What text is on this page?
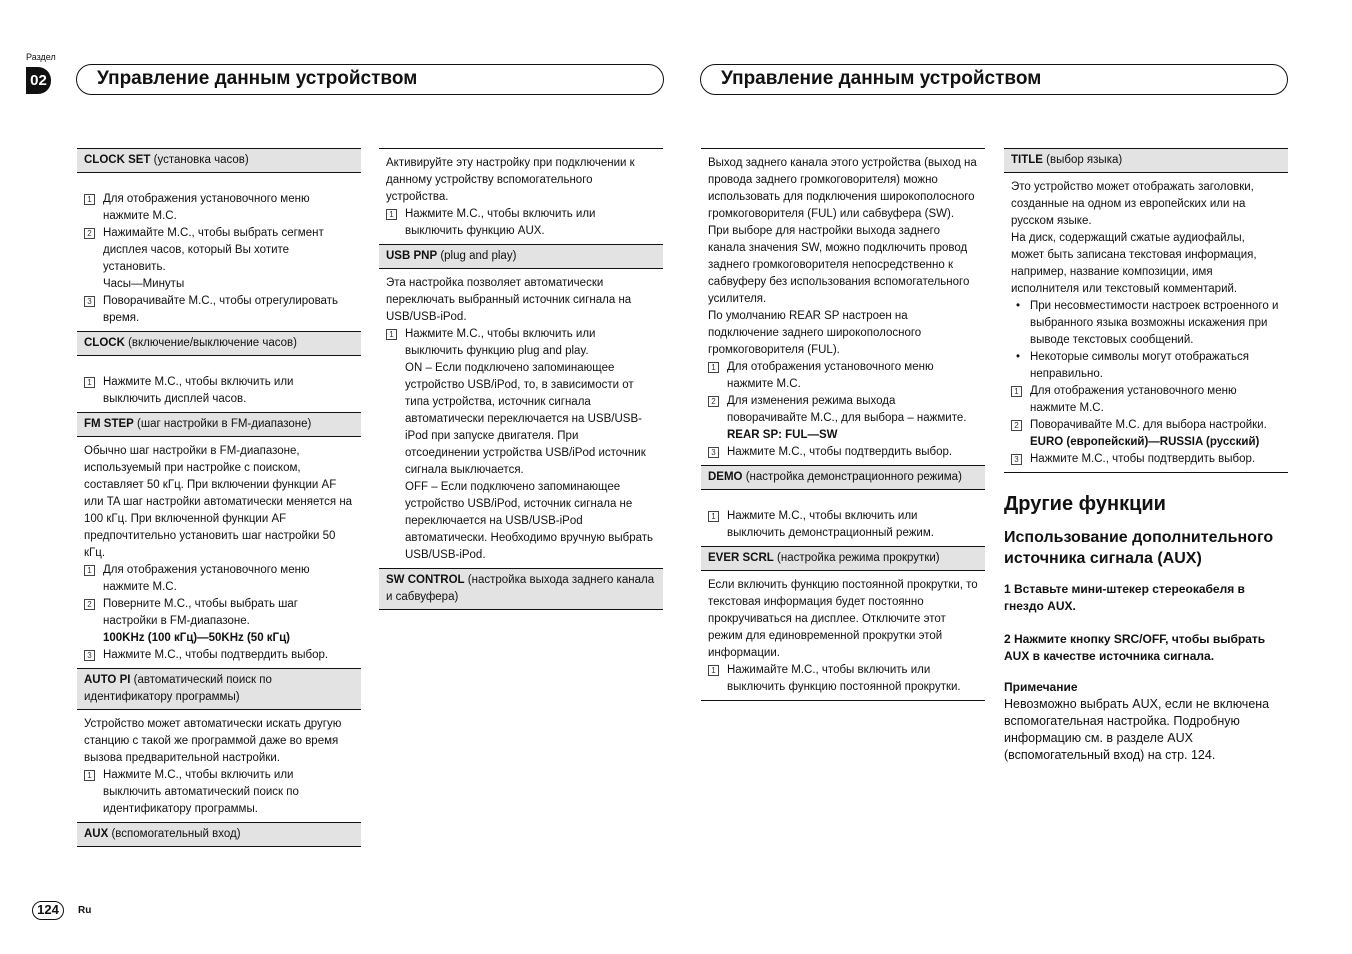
Раздел
02	Управление данным устройством	Управление данным устройством
CLOCK SET (установка часов)
1 Для отображения установочного меню нажмите M.C.
2 Нажимайте M.C., чтобы выбрать сегмент дисплея часов, который Вы хотите установить.
Часы—Минуты
3 Поворачивайте M.C., чтобы отрегулировать время.
CLOCK (включение/выключение часов)
1 Нажмите M.C., чтобы включить или выключить дисплей часов.
FM STEP (шаг настройки в FM-диапазоне)
Обычно шаг настройки в FM-диапазоне, используемый при настройке с поиском, составляет 50 кГц. При включении функции AF или TA шаг настройки автоматически меняется на 100 кГц. При включенной функции AF предпочтительно установить шаг настройки 50 кГц.
1 Для отображения установочного меню нажмите M.C.
2 Поверните M.C., чтобы выбрать шаг настройки в FM-диапазоне.
100KHz (100 кГц)—50KHz (50 кГц)
3 Нажмите M.C., чтобы подтвердить выбор.
AUTO PI (автоматический поиск по идентификатору программы)
Устройство может автоматически искать другую станцию с такой же программой даже во время вызова предварительной настройки.
1 Нажмите M.C., чтобы включить или выключить автоматический поиск по идентификатору программы.
AUX (вспомогательный вход)
Активируйте эту настройку при подключении к данному устройству вспомогательного устройства.
1 Нажмите M.C., чтобы включить или выключить функцию AUX.
USB PNP (plug and play)
Эта настройка позволяет автоматически переключать выбранный источник сигнала на USB/USB-iPod.
1 Нажмите M.C., чтобы включить или выключить функцию plug and play.
ON – Если подключено запоминающее устройство USB/iPod, то, в зависимости от типа устройства, источник сигнала автоматически переключается на USB/USB-iPod при запуске двигателя. При отсоединении устройства USB/iPod источник сигнала выключается.
OFF – Если подключено запоминающее устройство USB/iPod, источник сигнала не переключается на USB/USB-iPod автоматически. Необходимо вручную выбрать USB/USB-iPod.
SW CONTROL (настройка выхода заднего канала и сабвуфера)
Выход заднего канала этого устройства (выход на провода заднего громкоговорителя) можно использовать для подключения широкополосного громкоговорителя (FUL) или сабвуфера (SW). При выборе для настройки выхода заднего канала значения SW, можно подключить провод заднего громкоговорителя непосредственно к сабвуферу без использования вспомогательного усилителя.
По умолчанию REAR SP настроен на подключение заднего широкополосного громкоговорителя (FUL).
1 Для отображения установочного меню нажмите M.C.
2 Для изменения режима выхода поворачивайте M.C., для выбора – нажмите.
REAR SP: FUL—SW
3 Нажмите M.C., чтобы подтвердить выбор.
DEMO (настройка демонстрационного режима)
1 Нажмите M.C., чтобы включить или выключить демонстрационный режим.
EVER SCRL (настройка режима прокрутки)
Если включить функцию постоянной прокрутки, то текстовая информация будет постоянно прокручиваться на дисплее. Отключите этот режим для единовременной прокрутки этой информации.
1 Нажимайте M.C., чтобы включить или выключить функцию постоянной прокрутки.
TITLE (выбор языка)
Это устройство может отображать заголовки, созданные на одном из европейских или на русском языке.
На диск, содержащий сжатые аудиофайлы, может быть записана текстовая информация, например, название композиции, имя исполнителя или текстовый комментарий.
• При несовместимости настроек встроенного и выбранного языка возможны искажения при выводе текстовых сообщений.
• Некоторые символы могут отображаться неправильно.
1 Для отображения установочного меню нажмите M.C.
2 Поворачивайте M.C. для выбора настройки.
EURO (европейский)—RUSSIA (русский)
3 Нажмите M.C., чтобы подтвердить выбор.
Другие функции
Использование дополнительного источника сигнала (AUX)
1 Вставьте мини-штекер стереокабеля в гнездо AUX.
2 Нажмите кнопку SRC/OFF, чтобы выбрать AUX в качестве источника сигнала.
Примечание
Невозможно выбрать AUX, если не включена вспомогательная настройка. Подробную информацию см. в разделе AUX (вспомогательный вход) на стр. 124.
124	Ru
